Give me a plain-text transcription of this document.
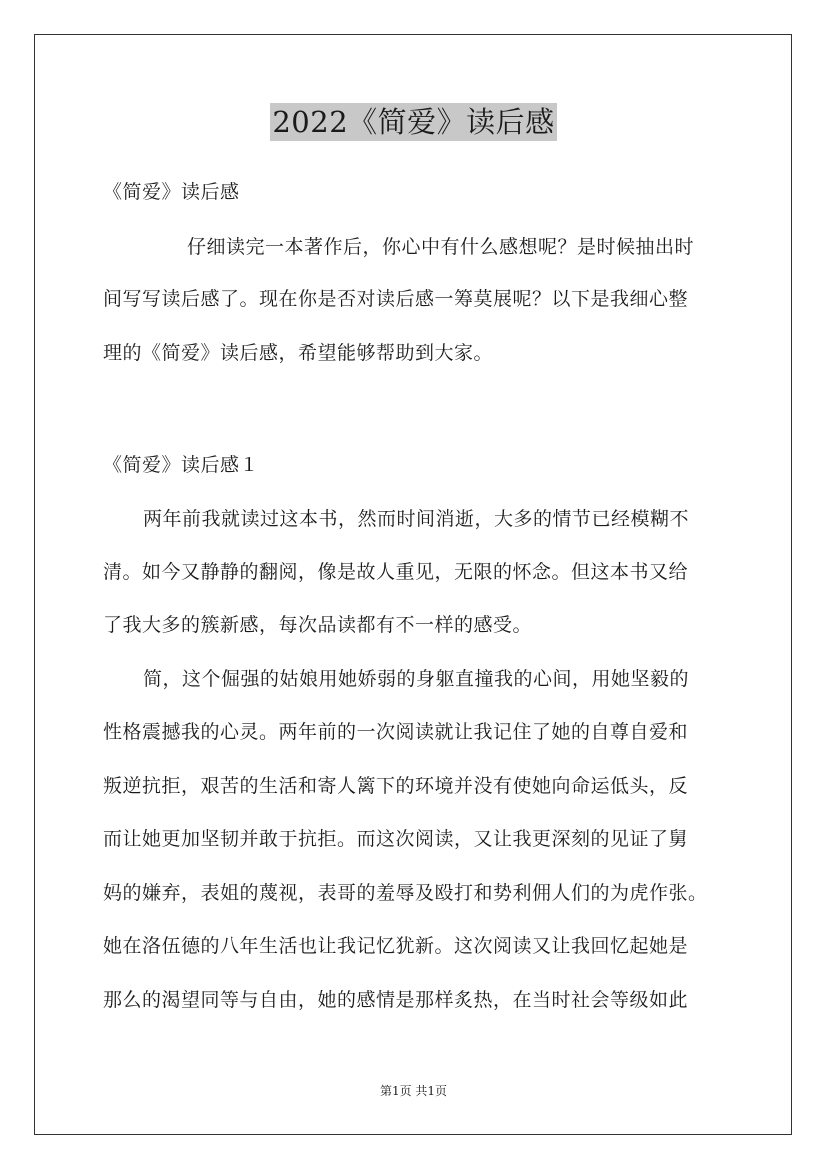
2022《简爱》读后感
《简爱》读后感
仔细读完一本著作后，你心中有什么感想呢？是时候抽出时
间写写读后感了。现在你是否对读后感一筹莫展呢？以下是我细心整
理的《简爱》读后感，希望能够帮助到大家。
《简爱》读后感１
两年前我就读过这本书，然而时间消逝，大多的情节已经模糊不
清。如今又静静的翻阅，像是故人重见，无限的怀念。但这本书又给
了我大多的簇新感，每次品读都有不一样的感受。
简，这个倔强的姑娘用她娇弱的身躯直撞我的心间，用她坚毅的
性格震撼我的心灵。两年前的一次阅读就让我记住了她的自尊自爱和
叛逆抗拒，艰苦的生活和寄人篱下的环境并没有使她向命运低头，反
而让她更加坚韧并敢于抗拒。而这次阅读，又让我更深刻的见证了舅
妈的嫌弃，表姐的蔑视，表哥的羞辱及殴打和势利佣人们的为虎作张。
她在洛伍德的八年生活也让我记忆犹新。这次阅读又让我回忆起她是
那么的渴望同等与自由，她的感情是那样炙热，在当时社会等级如此
第1页 共1页
